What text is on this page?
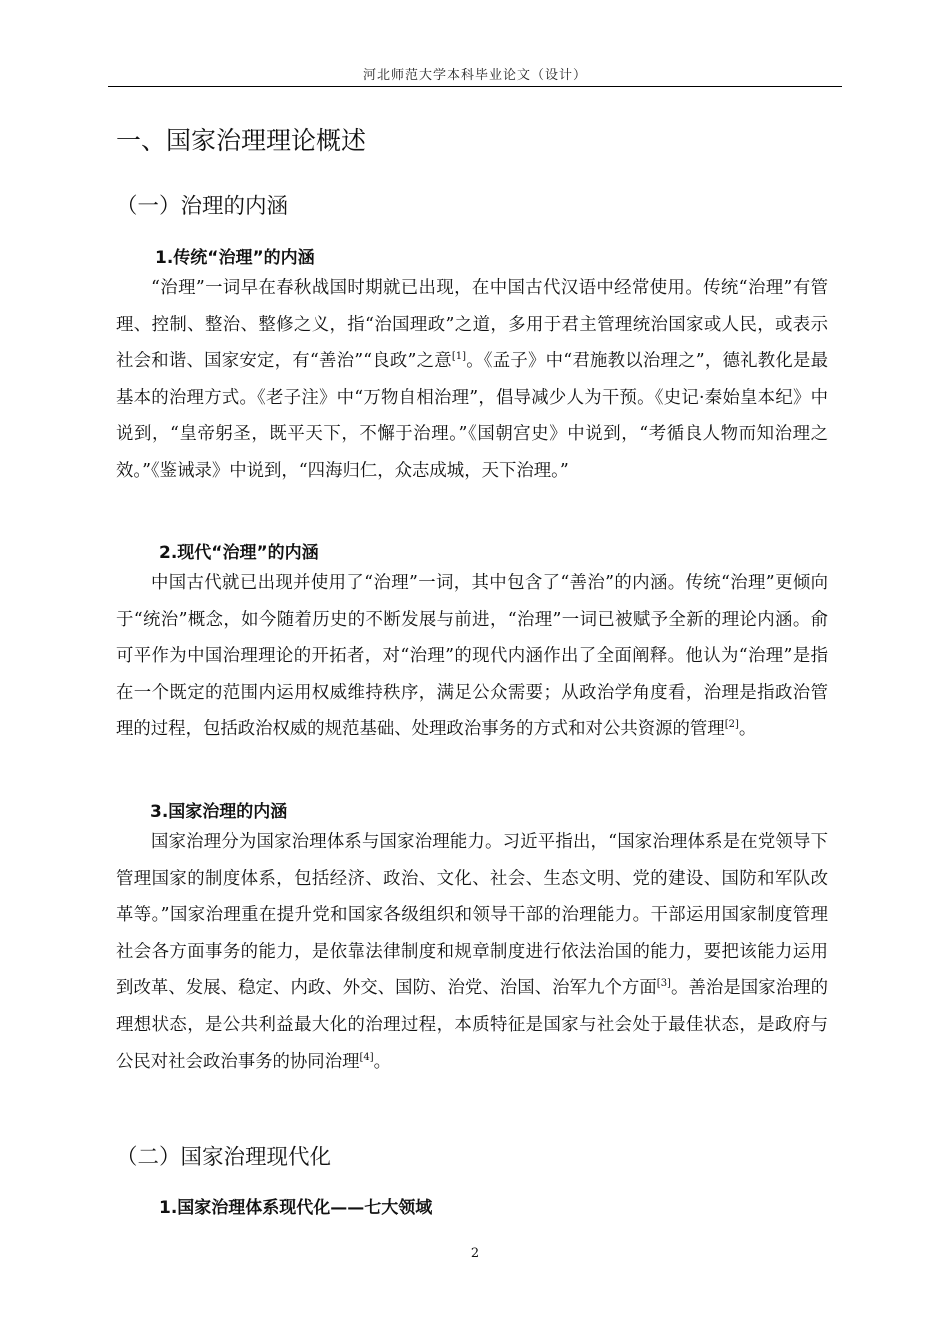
河北师范大学本科毕业论文（设计）
一、国家治理理论概述
（一）治理的内涵
1.传统“治理”的内涵

“治理”一词早在春秋战国时期就已出现，在中国古代汉语中经常使用。传统“治理”有管理、控制、整治、整修之义，指“治国理政”之道，多用于君主管理统治国家或人民，或表示社会和谐、国家安定，有“善治”“良政”之意[1]。《孟子》中“君施教以治理之”，德礼教化是最基本的治理方式。《老子注》中“万物自相治理”，倡导减少人为干预。《史记·秦始皇本纪》中说到，“皇帝躬圣，既平天下，不懈于治理。”《国朝宫史》中说到，“考循良人物而知治理之效。”《鉴诫录》中说到，“四海归仁，众志成城，天下治理。”

2.现代“治理”的内涵

中国古代就已出现并使用了“治理”一词，其中包含了“善治”的内涵。传统“治理”更倾向于“统治”概念，如今随着历史的不断发展与前进，“治理”一词已被赋予全新的理论内涵。俞可平作为中国治理理论的开拓者，对“治理”的现代内涵作出了全面阐释。他认为“治理”是指在一个既定的范围内运用权威维持秩序，满足公众需要；从政治学角度看，治理是指政治管理的过程，包括政治权威的规范基础、处理政治事务的方式和对公共资源的管理[2]。

3.国家治理的内涵

国家治理分为国家治理体系与国家治理能力。习近平指出，“国家治理体系是在党领导下管理国家的制度体系，包括经济、政治、文化、社会、生态文明、党的建设、国防和军队改革等。”国家治理重在提升党和国家各级组织和领导干部的治理能力。干部运用国家制度管理社会各方面事务的能力，是依靠法律制度和规章制度进行依法治国的能力，要把该能力运用到改革、发展、稳定、内政、外交、国防、治党、治国、治军九个方面[3]。善治是国家治理的理想状态，是公共利益最大化的治理过程，本质特征是国家与社会处于最佳状态，是政府与公民对社会政治事务的协同治理[4]。

（二）国家治理现代化
1.国家治理体系现代化——七大领域
2
